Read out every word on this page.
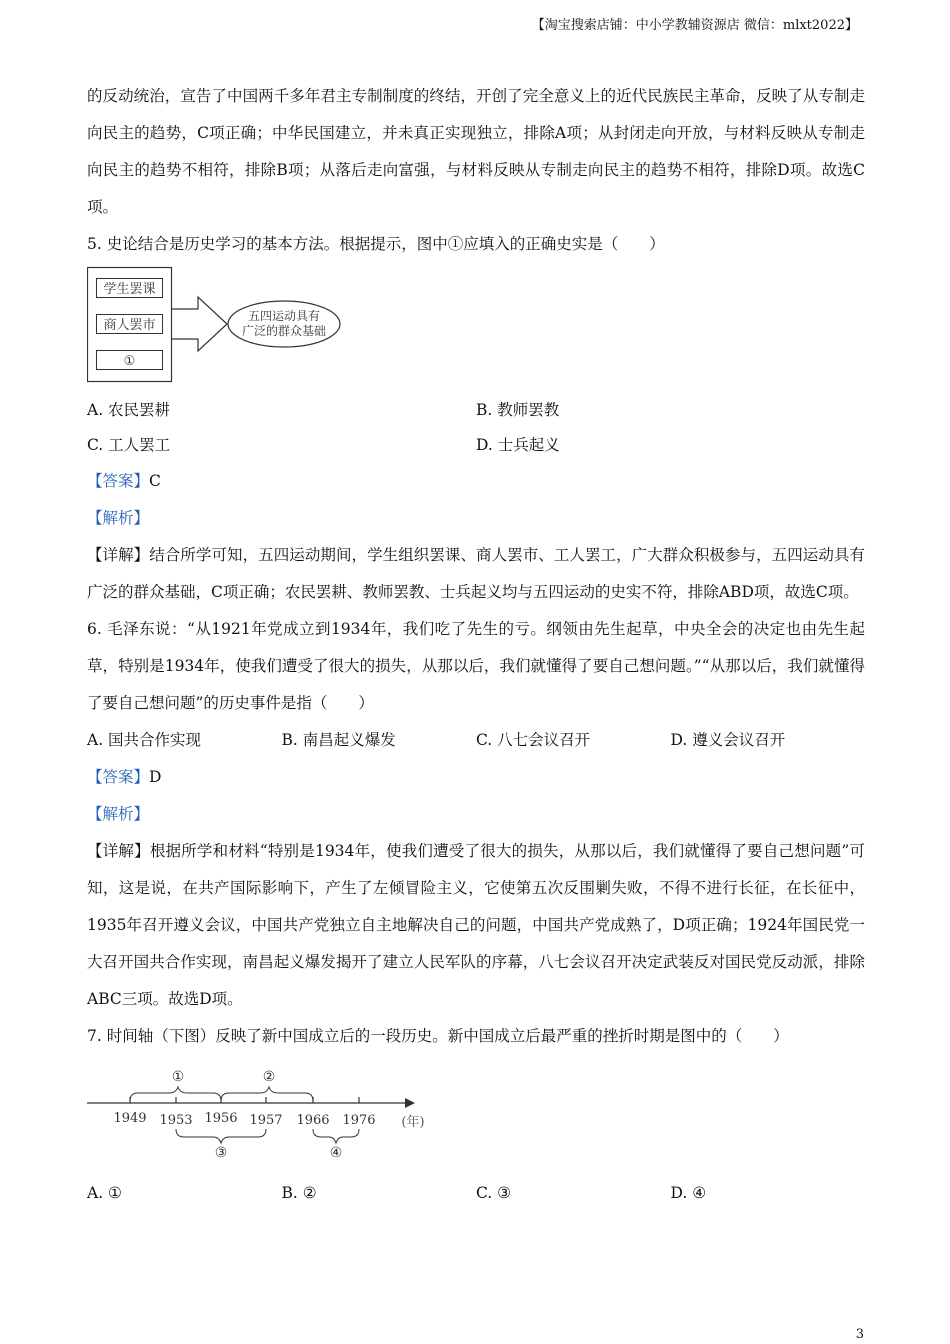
【淘宝搜索店铺：中小学教辅资源店 微信：mlxt2022】

的反动统治，宣告了中国两千多年君主专制制度的终结，开创了完全意义上的近代民族民主革命，反映了从专制走向民主的趋势，C项正确；中华民国建立，并未真正实现独立，排除A项；从封闭走向开放，与材料反映从专制走向民主的趋势不相符，排除B项；从落后走向富强，与材料反映从专制走向民主的趋势不相符，排除D项。故选C项。

5. 史论结合是历史学习的基本方法。根据提示，图中①应填入的正确史实是（　　）

学生罢课
商人罢市
①
五四运动具有
广泛的群众基础
A. 农民罢耕	B. 教师罢教
C. 工人罢工	D. 士兵起义

【答案】C

【解析】

【详解】结合所学可知，五四运动期间，学生组织罢课、商人罢市、工人罢工，广大群众积极参与，五四运动具有广泛的群众基础，C项正确；农民罢耕、教师罢教、士兵起义均与五四运动的史实不符，排除ABD项，故选C项。

6. 毛泽东说：“从1921年党成立到1934年，我们吃了先生的亏。纲领由先生起草，中央全会的决定也由先生起草，特别是1934年，使我们遭受了很大的损失，从那以后，我们就懂得了要自己想问题。”“从那以后，我们就懂得了要自己想问题”的历史事件是指（　　）

A. 国共合作实现	B. 南昌起义爆发	C. 八七会议召开	D. 遵义会议召开

【答案】D

【解析】

【详解】根据所学和材料“特别是1934年，使我们遭受了很大的损失，从那以后，我们就懂得了要自己想问题”可知，这是说，在共产国际影响下，产生了左倾冒险主义，它使第五次反围剿失败，不得不进行长征，在长征中，1935年召开遵义会议，中国共产党独立自主地解决自己的问题，中国共产党成熟了，D项正确；1924年国民党一大召开国共合作实现，南昌起义爆发揭开了建立人民军队的序幕，八七会议召开决定武装反对国民党反动派，排除ABC三项。故选D项。

7. 时间轴（下图）反映了新中国成立后的一段历史。新中国成立后最严重的挫折时期是图中的（　　）

1949 1953 1956 1957 1966 1976 (年)
①	②
③	④
A. ①	B. ②	C. ③	D. ④
3
